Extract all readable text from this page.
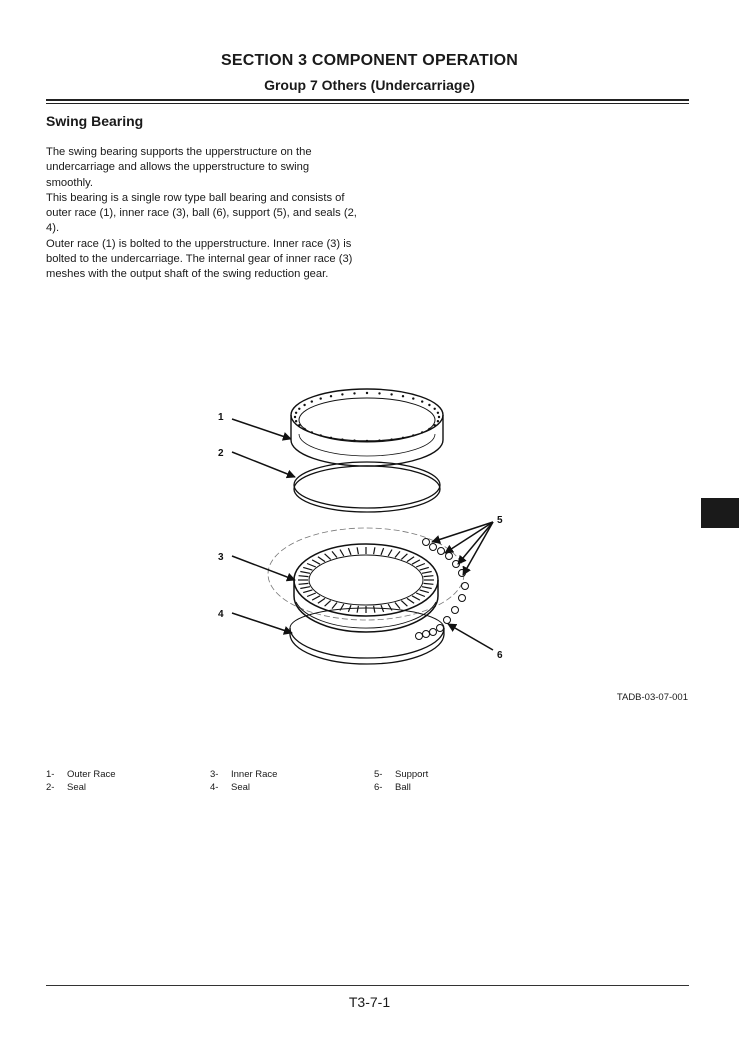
SECTION 3 COMPONENT OPERATION
Group 7 Others (Undercarriage)
Swing Bearing

The swing bearing supports the upperstructure on the undercarriage and allows the upperstructure to swing smoothly.

This bearing is a single row type ball bearing and consists of outer race (1), inner race (3), ball (6), support (5), and seals (2, 4).

Outer race (1) is bolted to the upperstructure. Inner race (3) is bolted to the undercarriage. The internal gear of inner race (3) meshes with the output shaft of the swing reduction gear.

1
2
3
4
5
6
TADB-03-07-001
1- Outer Race
2- Seal
3- Inner Race
4- Seal
5- Support
6- Ball
T3-7-1
